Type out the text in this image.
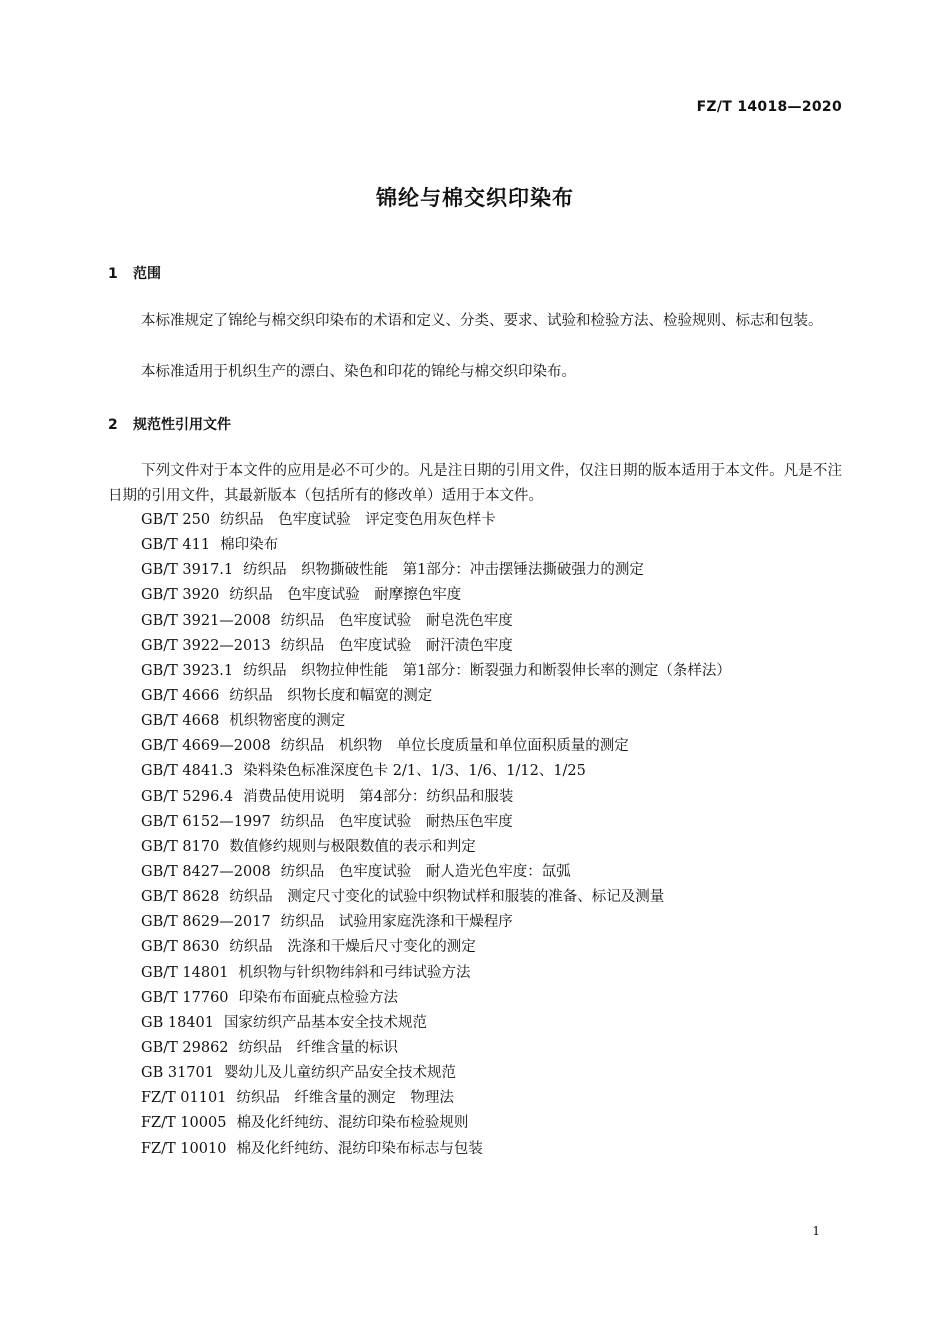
FZ/T 14018—2020
锦纶与棉交织印染布
1 范围
本标准规定了锦纶与棉交织印染布的术语和定义、分类、要求、试验和检验方法、检验规则、标志和包装。
本标准适用于机织生产的漂白、染色和印花的锦纶与棉交织印染布。
2 规范性引用文件
下列文件对于本文件的应用是必不可少的。凡是注日期的引用文件，仅注日期的版本适用于本文件。凡是不注日期的引用文件，其最新版本（包括所有的修改单）适用于本文件。
GB/T 250 纺织品　色牢度试验　评定变色用灰色样卡
GB/T 411 棉印染布
GB/T 3917.1 纺织品　织物撕破性能　第1部分：冲击摆锤法撕破强力的测定
GB/T 3920 纺织品　色牢度试验　耐摩擦色牢度
GB/T 3921—2008 纺织品　色牢度试验　耐皂洗色牢度
GB/T 3922—2013 纺织品　色牢度试验　耐汗渍色牢度
GB/T 3923.1 纺织品　织物拉伸性能　第1部分：断裂强力和断裂伸长率的测定（条样法）
GB/T 4666 纺织品　织物长度和幅宽的测定
GB/T 4668 机织物密度的测定
GB/T 4669—2008 纺织品　机织物　单位长度质量和单位面积质量的测定
GB/T 4841.3 染料染色标准深度色卡 2/1、1/3、1/6、1/12、1/25
GB/T 5296.4 消费品使用说明　第4部分：纺织品和服装
GB/T 6152—1997 纺织品　色牢度试验　耐热压色牢度
GB/T 8170 数值修约规则与极限数值的表示和判定
GB/T 8427—2008 纺织品　色牢度试验　耐人造光色牢度：氙弧
GB/T 8628 纺织品　测定尺寸变化的试验中织物试样和服装的准备、标记及测量
GB/T 8629—2017 纺织品　试验用家庭洗涤和干燥程序
GB/T 8630 纺织品　洗涤和干燥后尺寸变化的测定
GB/T 14801 机织物与针织物纬斜和弓纬试验方法
GB/T 17760 印染布布面疵点检验方法
GB 18401 国家纺织产品基本安全技术规范
GB/T 29862 纺织品　纤维含量的标识
GB 31701 婴幼儿及儿童纺织产品安全技术规范
FZ/T 01101 纺织品　纤维含量的测定　物理法
FZ/T 10005 棉及化纤纯纺、混纺印染布检验规则
FZ/T 10010 棉及化纤纯纺、混纺印染布标志与包装
1
